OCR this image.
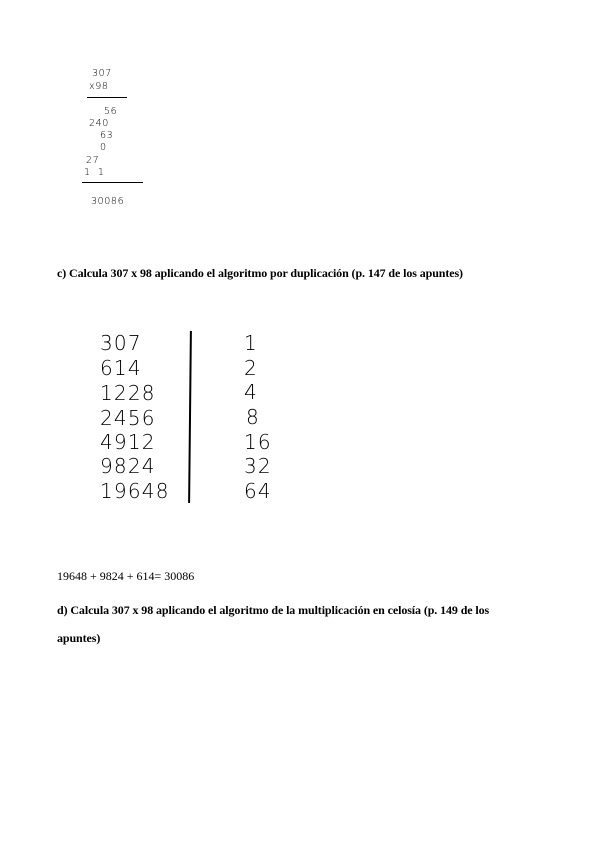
307
x98
56
240
63
0
27
1  1
30086
c) Calcula 307 x 98 aplicando el algoritmo por duplicación (p. 147 de los apuntes)
307
614
1228
2456
4912
9824
19648
1
2
4
8
16
32
64
19648 + 9824 + 614= 30086
d) Calcula 307 x 98 aplicando el algoritmo de la multiplicación en celosía (p. 149 de los
apuntes)
